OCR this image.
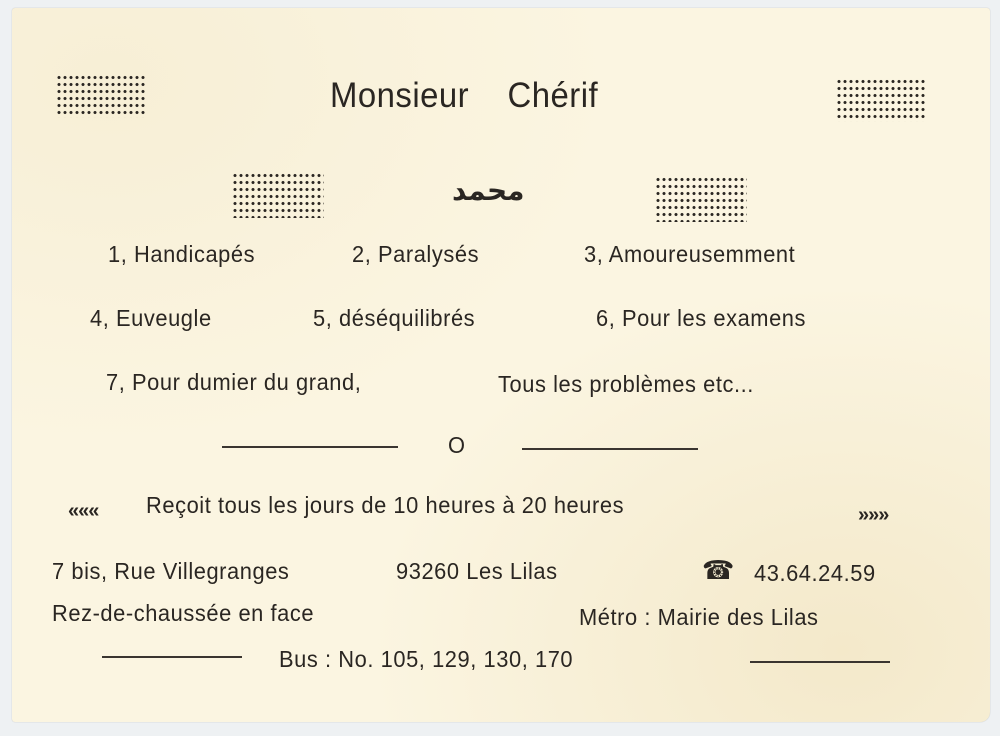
Monsieur    Chérif
محمد
1, Handicapés	2, Paralysés	3, Amoureusemment
4, Euveugle	5, déséquilibrés	6, Pour les examens
7, Pour dumier du grand,	Tous les problèmes etc...
O
««« Reçoit tous les jours de 10 heures à 20 heures	»»»
7 bis, Rue Villegranges	93260 Les Lilas	☎ 43.64.24.59
Rez-de-chaussée en face	Métro : Mairie des Lilas
Bus : No. 105, 129, 130, 170
